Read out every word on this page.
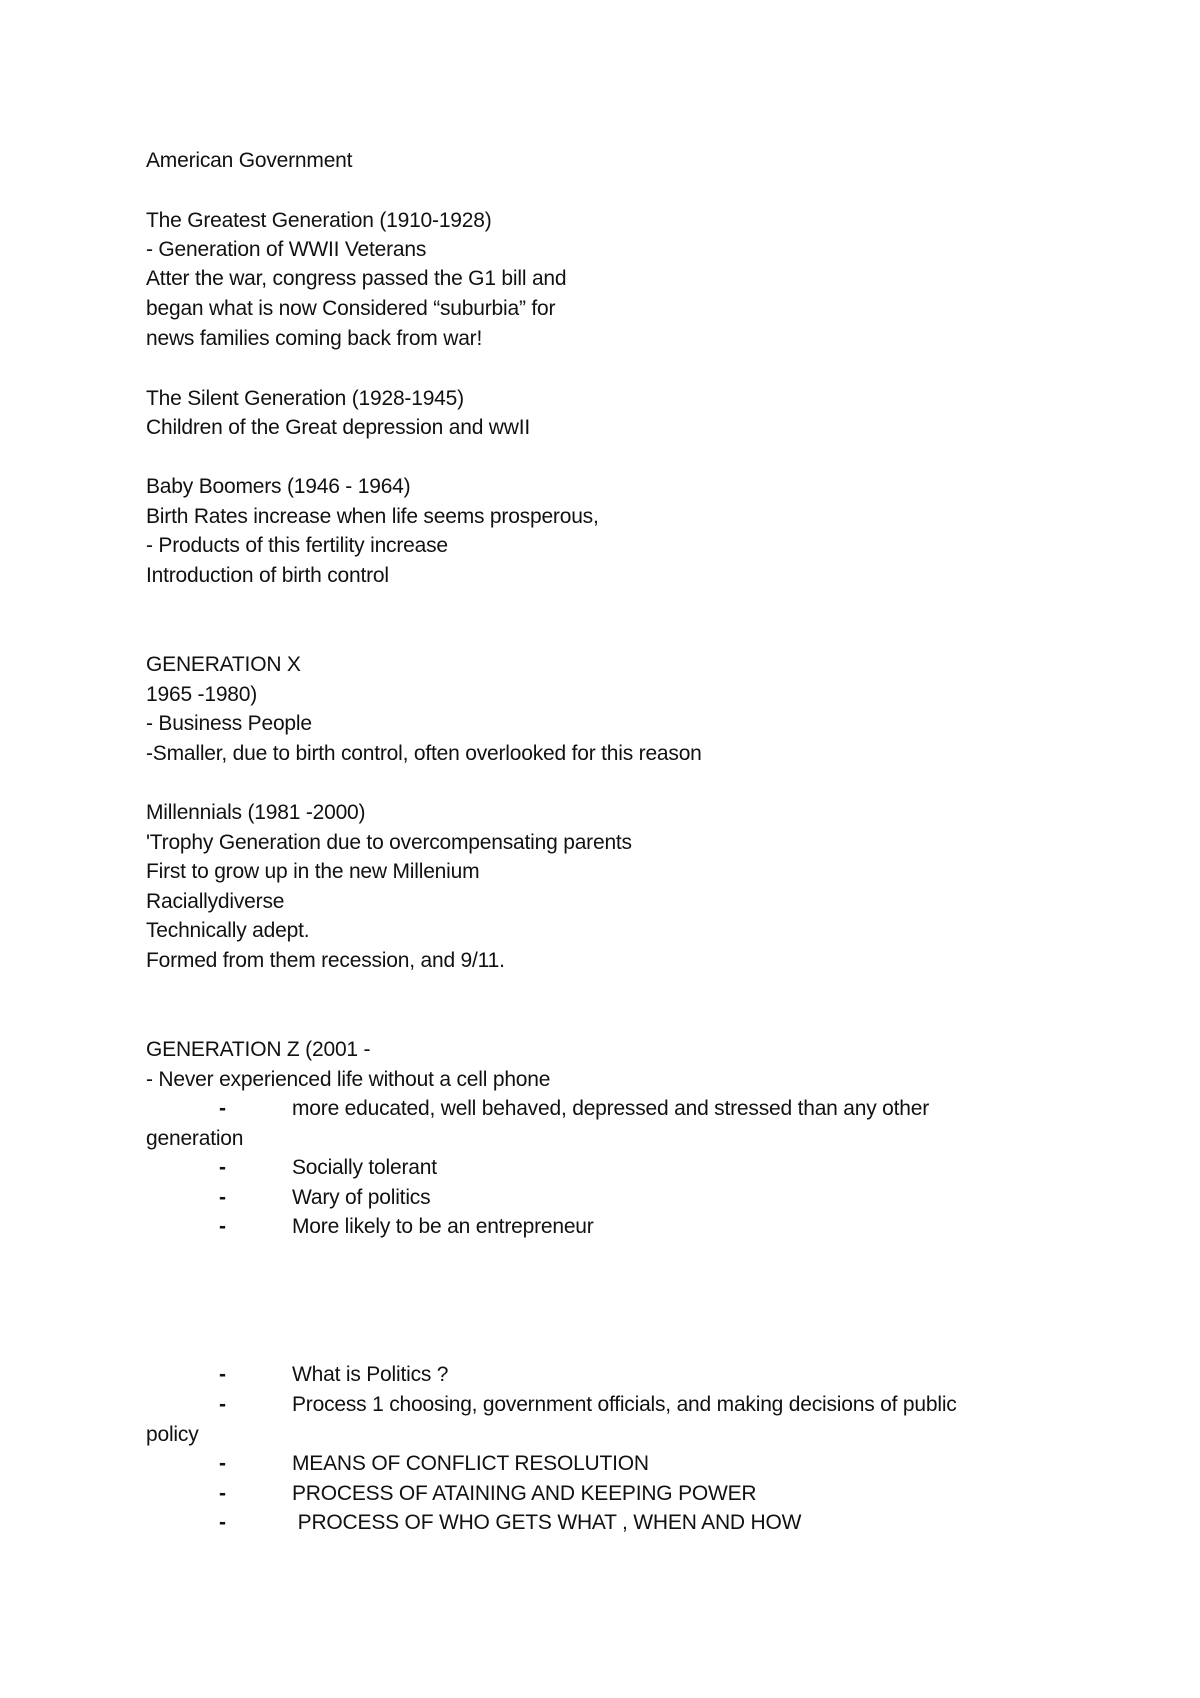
American Government
The Greatest Generation (1910-1928)
- Generation of WWII Veterans
Atter the war, congress passed the G1 bill and
began what is now Considered “suburbia” for
news families coming back from war!
The Silent Generation (1928-1945)
Children of the Great depression and wwII
Baby Boomers (1946 - 1964)
Birth Rates increase when life seems prosperous,
- Products of this fertility increase
Introduction of birth control
GENERATION X
1965 -1980)
- Business People
-Smaller, due to birth control, often overlooked for this reason
Millennials (1981 -2000)
'Trophy Generation due to overcompensating parents
First to grow up in the new Millenium
Raciallydiverse
Technically adept.
Formed from them recession, and 9/11.
GENERATION Z (2001 -
- Never experienced life without a cell phone
-	more educated, well behaved, depressed and stressed than any other
generation
-	Socially tolerant
-	Wary of politics
-	More likely to be an entrepreneur
-	What is Politics ?
-	Process 1 choosing, government officials, and making decisions of public
policy
-	MEANS OF CONFLICT RESOLUTION
-	PROCESS OF ATAINING AND KEEPING POWER
-	PROCESS OF WHO GETS WHAT , WHEN AND HOW
